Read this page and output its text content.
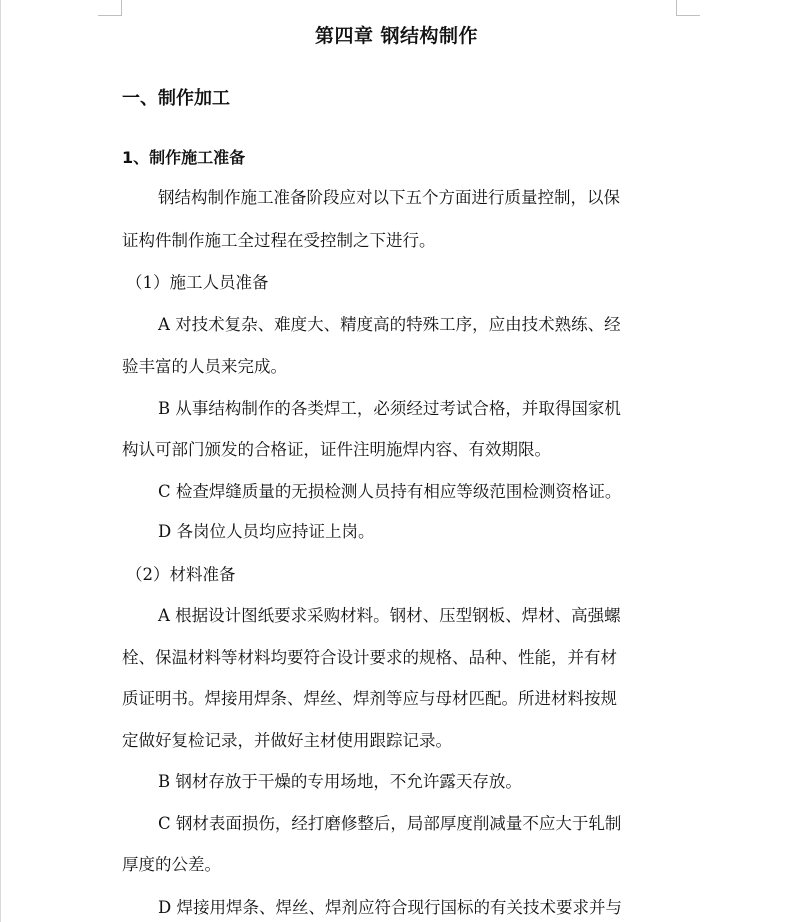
第四章 钢结构制作
一、制作加工
1、制作施工准备
钢结构制作施工准备阶段应对以下五个方面进行质量控制，以保
证构件制作施工全过程在受控制之下进行。
（1）施工人员准备
A 对技术复杂、难度大、精度高的特殊工序，应由技术熟练、经
验丰富的人员来完成。
B 从事结构制作的各类焊工，必须经过考试合格，并取得国家机
构认可部门颁发的合格证，证件注明施焊内容、有效期限。
C 检查焊缝质量的无损检测人员持有相应等级范围检测资格证。
D 各岗位人员均应持证上岗。
（2）材料准备
A 根据设计图纸要求采购材料。钢材、压型钢板、焊材、高强螺
栓、保温材料等材料均要符合设计要求的规格、品种、性能，并有材
质证明书。焊接用焊条、焊丝、焊剂等应与母材匹配。所进材料按规
定做好复检记录，并做好主材使用跟踪记录。
B 钢材存放于干燥的专用场地，不允许露天存放。
C 钢材表面损伤，经打磨修整后，局部厚度削减量不应大于轧制
厚度的公差。
D 焊接用焊条、焊丝、焊剂应符合现行国标的有关技术要求并与
